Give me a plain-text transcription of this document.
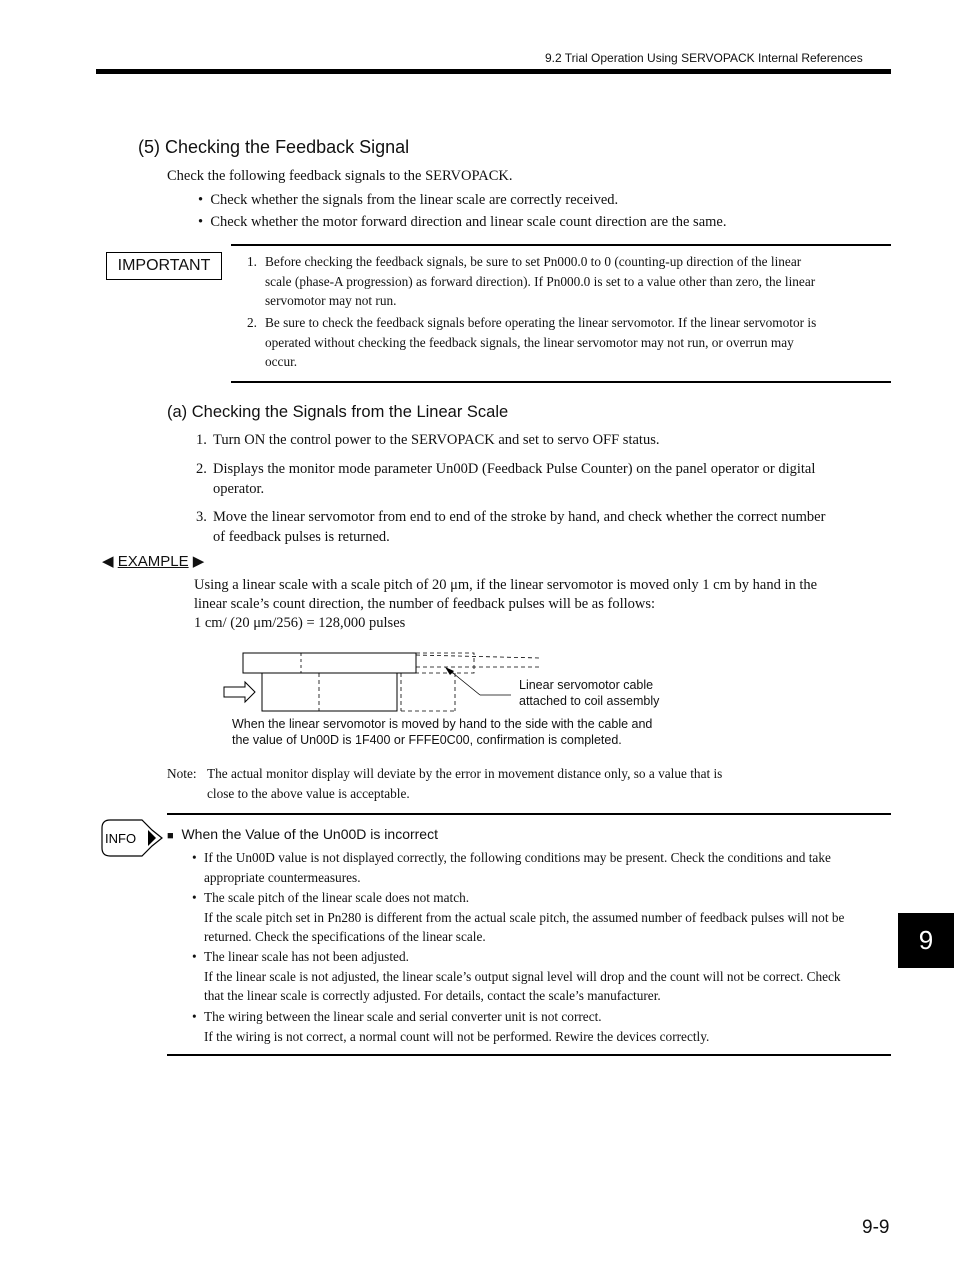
9.2 Trial Operation Using SERVOPACK Internal References
(5) Checking the Feedback Signal
Check the following feedback signals to the SERVOPACK.
•  Check whether the signals from the linear scale are correctly received.
•  Check whether the motor forward direction and linear scale count direction are the same.
IMPORTANT	1. Before checking the feedback signals, be sure to set Pn000.0 to 0 (counting-up direction of the linear
scale (phase-A progression) as forward direction). If Pn000.0 is set to a value other than zero, the linear
servomotor may not run.
2. Be sure to check the feedback signals before operating the linear servomotor. If the linear servomotor is
operated without checking the feedback signals, the linear servomotor may not run, or overrun may
occur.
(a) Checking the Signals from the Linear Scale
1. Turn ON the control power to the SERVOPACK and set to servo OFF status.
2. Displays the monitor mode parameter Un00D (Feedback Pulse Counter) on the panel operator or digital
operator.
3. Move the linear servomotor from end to end of the stroke by hand, and check whether the correct number
of feedback pulses is returned.
◀ EXAMPLE ▶
Using a linear scale with a scale pitch of 20 μm, if the linear servomotor is moved only 1 cm by hand in the
linear scale’s count direction, the number of feedback pulses will be as follows:
1 cm/ (20 μm/256) = 128,000 pulses
Linear servomotor cable
attached to coil assembly
When the linear servomotor is moved by hand to the side with the cable and
the value of Un00D is 1F400 or FFFE0C00, confirmation is completed.
Note: The actual monitor display will deviate by the error in movement distance only, so a value that is
close to the above value is acceptable.
INFO	■ When the Value of the Un00D is incorrect
• If the Un00D value is not displayed correctly, the following conditions may be present. Check the conditions and take
appropriate countermeasures.
• The scale pitch of the linear scale does not match.
If the scale pitch set in Pn280 is different from the actual scale pitch, the assumed number of feedback pulses will not be
returned. Check the specifications of the linear scale.
• The linear scale has not been adjusted.
If the linear scale is not adjusted, the linear scale’s output signal level will drop and the count will not be correct. Check
that the linear scale is correctly adjusted. For details, contact the scale’s manufacturer.
• The wiring between the linear scale and serial converter unit is not correct.
If the wiring is not correct, a normal count will not be performed. Rewire the devices correctly.
9
9-9
